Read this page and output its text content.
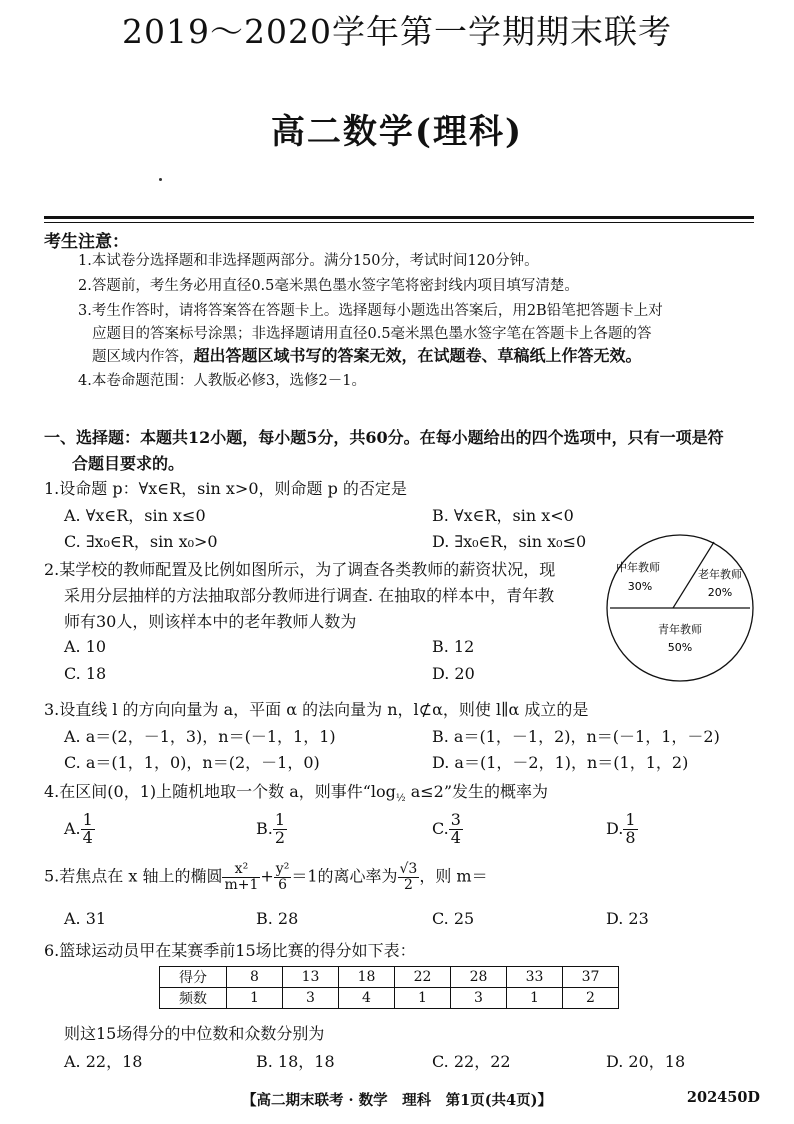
2019～2020学年第一学期期末联考
高二数学(理科)
考生注意：
1.本试卷分选择题和非选择题两部分。满分150分，考试时间120分钟。
2.答题前，考生务必用直径0.5毫米黑色墨水签字笔将密封线内项目填写清楚。
3.考生作答时，请将答案答在答题卡上。选择题每小题选出答案后，用2B铅笔把答题卡上对
应题目的答案标号涂黑；非选择题请用直径0.5毫米黑色墨水签字笔在答题卡上各题的答
题区域内作答，超出答题区域书写的答案无效，在试题卷、草稿纸上作答无效。
4.本卷命题范围：人教版必修3，选修2－1。
一、选择题：本题共12小题，每小题5分，共60分。在每小题给出的四个选项中，只有一项是符
合题目要求的。
1.设命题 p：∀x∈R，sin x>0，则命题 p 的否定是
A. ∀x∈R，sin x≤0	B. ∀x∈R，sin x<0
C. ∃x₀∈R，sin x₀>0	D. ∃x₀∈R，sin x₀≤0
2.某学校的教师配置及比例如图所示，为了调查各类教师的薪资状况，现
采用分层抽样的方法抽取部分教师进行调查. 在抽取的样本中，青年教
师有30人，则该样本中的老年教师人数为
A. 10	B. 12
C. 18	D. 20
中年教师
30%
老年教师
20%
青年教师
50%
3.设直线 l 的方向向量为 a，平面 α 的法向量为 n，l⊄α，则使 l∥α 成立的是
A. a＝(2，－1，3)，n＝(－1，1，1)	B. a＝(1，－1，2)，n＝(－1，1，－2)
C. a＝(1，1，0)，n＝(2，－1，0)	D. a＝(1，－2，1)，n＝(1，1，2)
4.在区间(0，1)上随机地取一个数 a，则事件“$\log_{\frac{1}{2}}$ a≤2”发生的概率为
A. $\frac{1}{4}$	B. $\frac{1}{2}$	C. $\frac{3}{4}$	D. $\frac{1}{8}$
5.若焦点在 x 轴上的椭圆 $\frac{\text{x²}}{m+1} + \frac{\text{y²}}{6} =1$的离心率为 $\frac{√3}{2}$ ，则 m＝
A. 31	B. 28	C. 25	D. 23
6.篮球运动员甲在某赛季前15场比赛的得分如下表：
得分	8	13	18	22	28	33	37
频数	1	3	4	1	3	1	2
则这15场得分的中位数和众数分别为
A. 22，18	B. 18，18	C. 22，22	D. 20，18
【高二期末联考 · 数学　理科　第1页(共4页)】	202450D
